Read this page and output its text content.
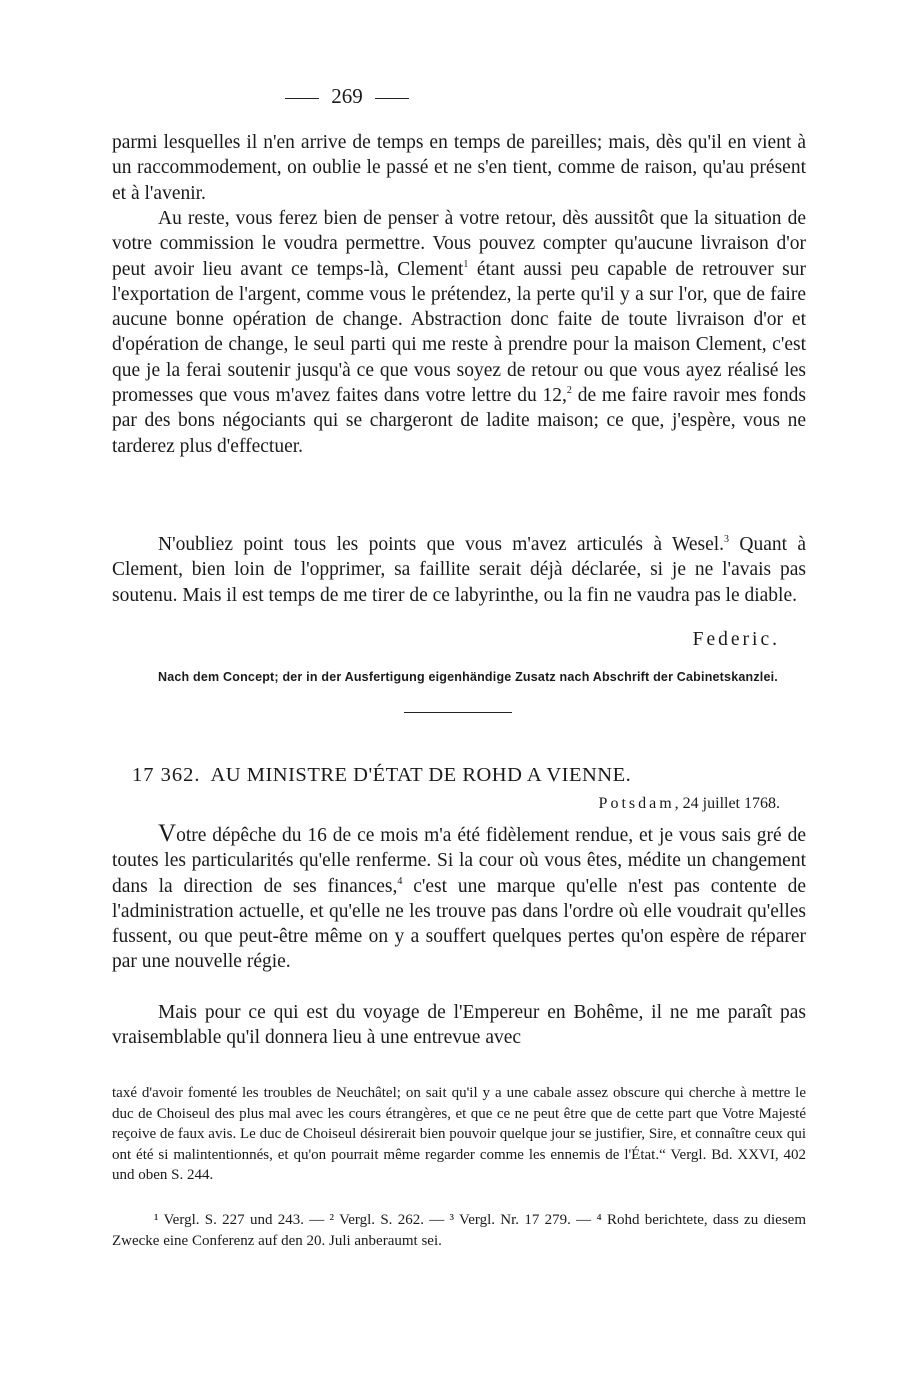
269

parmi lesquelles il n'en arrive de temps en temps de pareilles; mais, dès qu'il en vient à un raccommodement, on oublie le passé et ne s'en tient, comme de raison, qu'au présent et à l'avenir.

Au reste, vous ferez bien de penser à votre retour, dès aussitôt que la situation de votre commission le voudra permettre. Vous pouvez compter qu'aucune livraison d'or peut avoir lieu avant ce temps-là, Clement$^1$ étant aussi peu capable de retrouver sur l'exportation de l'argent, comme vous le prétendez, la perte qu'il y a sur l'or, que de faire aucune bonne opération de change. Abstraction donc faite de toute livraison d'or et d'opération de change, le seul parti qui me reste à prendre pour la maison Clement, c'est que je la ferai soutenir jusqu'à ce que vous soyez de retour ou que vous ayez réalisé les promesses que vous m'avez faites dans votre lettre du 12,$^2$ de me faire ravoir mes fonds par des bons négociants qui se chargeront de ladite maison; ce que, j'espère, vous ne tarderez plus d'effectuer.

N'oubliez point tous les points que vous m'avez articulés à Wesel.$^3$ Quant à Clement, bien loin de l'opprimer, sa faillite serait déjà déclarée, si je ne l'avais pas soutenu. Mais il est temps de me tirer de ce labyrinthe, ou la fin ne vaudra pas le diable.

Federic.

Nach dem Concept; der in der Ausfertigung eigenhändige Zusatz nach Abschrift der Cabinetskanzlei.

17 362. AU MINISTRE D'ÉTAT DE ROHD A VIENNE.
Potsdam, 24 juillet 1768.

Votre dépêche du 16 de ce mois m'a été fidèlement rendue, et je vous sais gré de toutes les particularités qu'elle renferme. Si la cour où vous êtes, médite un changement dans la direction de ses finances,$^4$ c'est une marque qu'elle n'est pas contente de l'administration actuelle, et qu'elle ne les trouve pas dans l'ordre où elle voudrait qu'elles fussent, ou que peut-être même on y a souffert quelques pertes qu'on espère de réparer par une nouvelle régie.

Mais pour ce qui est du voyage de l'Empereur en Bohême, il ne me paraît pas vraisemblable qu'il donnera lieu à une entrevue avec

taxé d'avoir fomenté les troubles de Neuchâtel; on sait qu'il y a une cabale assez obscure qui cherche à mettre le duc de Choiseul des plus mal avec les cours étrangères, et que ce ne peut être que de cette part que Votre Majesté reçoive de faux avis. Le duc de Choiseul désirerait bien pouvoir quelque jour se justifier, Sire, et connaître ceux qui ont été si malintentionnés, et qu'on pourrait même regarder comme les ennemis de l'État.“ Vergl. Bd. XXVI, 402 und oben S. 244.

¹ Vergl. S. 227 und 243. — ² Vergl. S. 262. — ³ Vergl. Nr. 17 279. — ⁴ Rohd berichtete, dass zu diesem Zwecke eine Conferenz auf den 20. Juli anberaumt sei.
